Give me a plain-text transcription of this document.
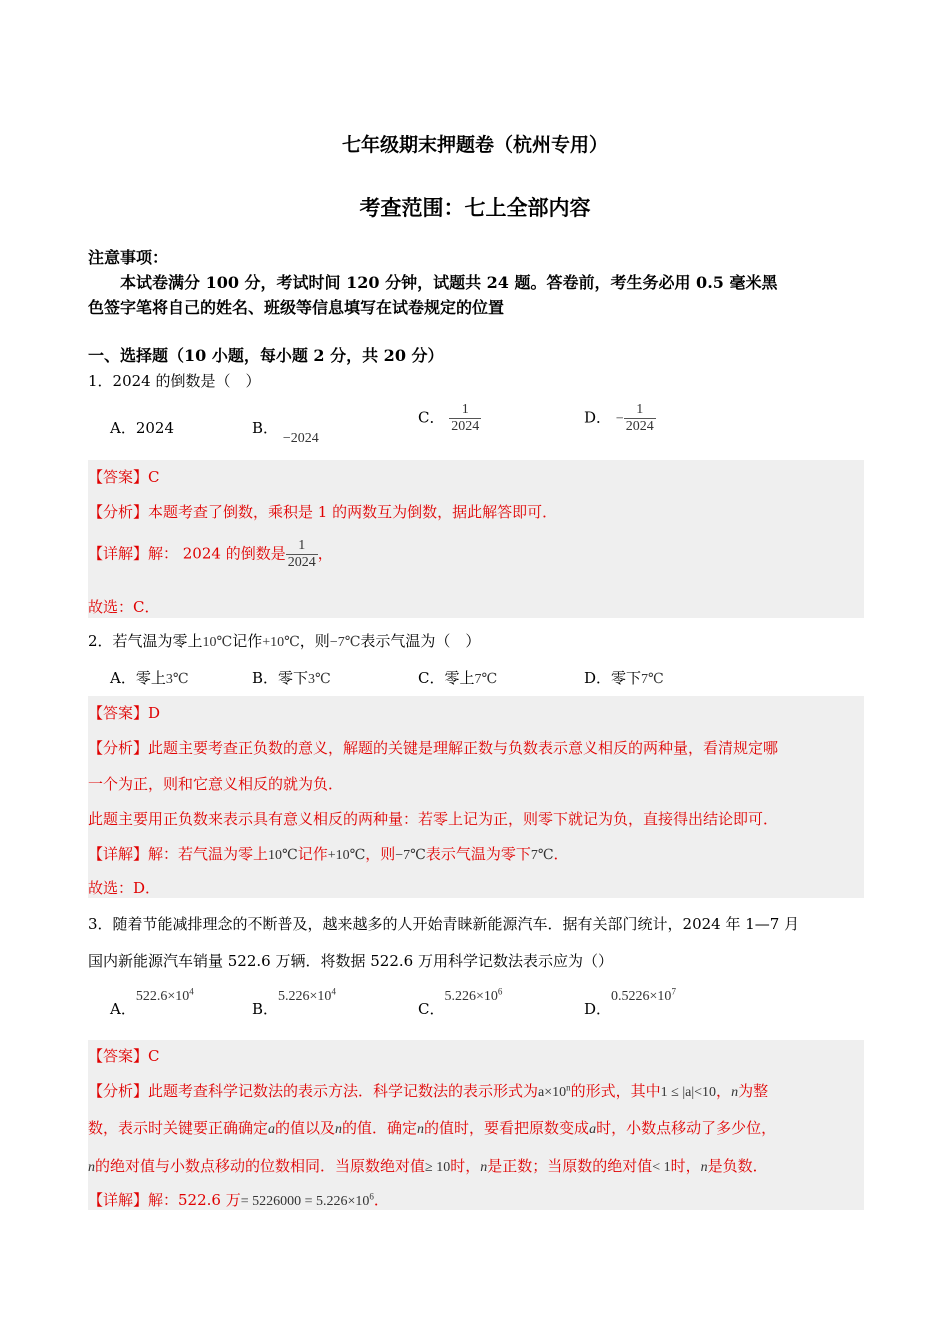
七年级期末押题卷（杭州专用）
考查范围：七上全部内容
注意事项：
本试卷满分 100 分，考试时间 120 分钟，试题共 24 题。答卷前，考生务必用 0.5 毫米黑
色签字笔将自己的姓名、班级等信息填写在试卷规定的位置
一、选择题（10 小题，每小题 2 分，共 20 分）
1．2024 的倒数是（　）
A．2024	B． −2024
C． $\frac{1}{2024}$	D． − $\frac{1}{2024}$
【答案】C
【分析】本题考查了倒数，乘积是 1 的两数互为倒数，据此解答即可．
【详解】解： 2024 的倒数是 $\frac{1}{2024}$ ，
故选：C．
2．若气温为零上10℃记作+10℃，则−7℃表示气温为（　）
A．零上3℃	B．零下3℃	C．零上7℃	D．零下7℃
【答案】D
【分析】此题主要考查正负数的意义，解题的关键是理解正数与负数表示意义相反的两种量，看清规定哪
一个为正，则和它意义相反的就为负．
此题主要用正负数来表示具有意义相反的两种量：若零上记为正，则零下就记为负，直接得出结论即可．
【详解】解：若气温为零上10℃记作+10℃，则−7℃表示气温为零下7℃．
故选：D．
3．随着节能减排理念的不断普及，越来越多的人开始青睐新能源汽车．据有关部门统计，2024 年 1—7 月
国内新能源汽车销量 522.6 万辆．将数据 522.6 万用科学记数法表示应为（）
A．$522.6\times 10^4$
B．$5.226\times 10^4$
C．$5.226\times 10^6$
D．$0.5226\times 10^7$
【答案】C
【分析】此题考查科学记数法的表示方法．科学记数法的表示形式为$a\times 10^n$的形式，其中1 ≤ |a|<10，n为整
数，表示时关键要正确确定a的值以及n的值．确定n的值时，要看把原数变成a时，小数点移动了多少位，
n的绝对值与小数点移动的位数相同．当原数绝对值≥ 10时，n是正数；当原数的绝对值< 1时，n是负数．
【详解】解：522.6 万= $5226000 = 5.226\times 10^6$．
